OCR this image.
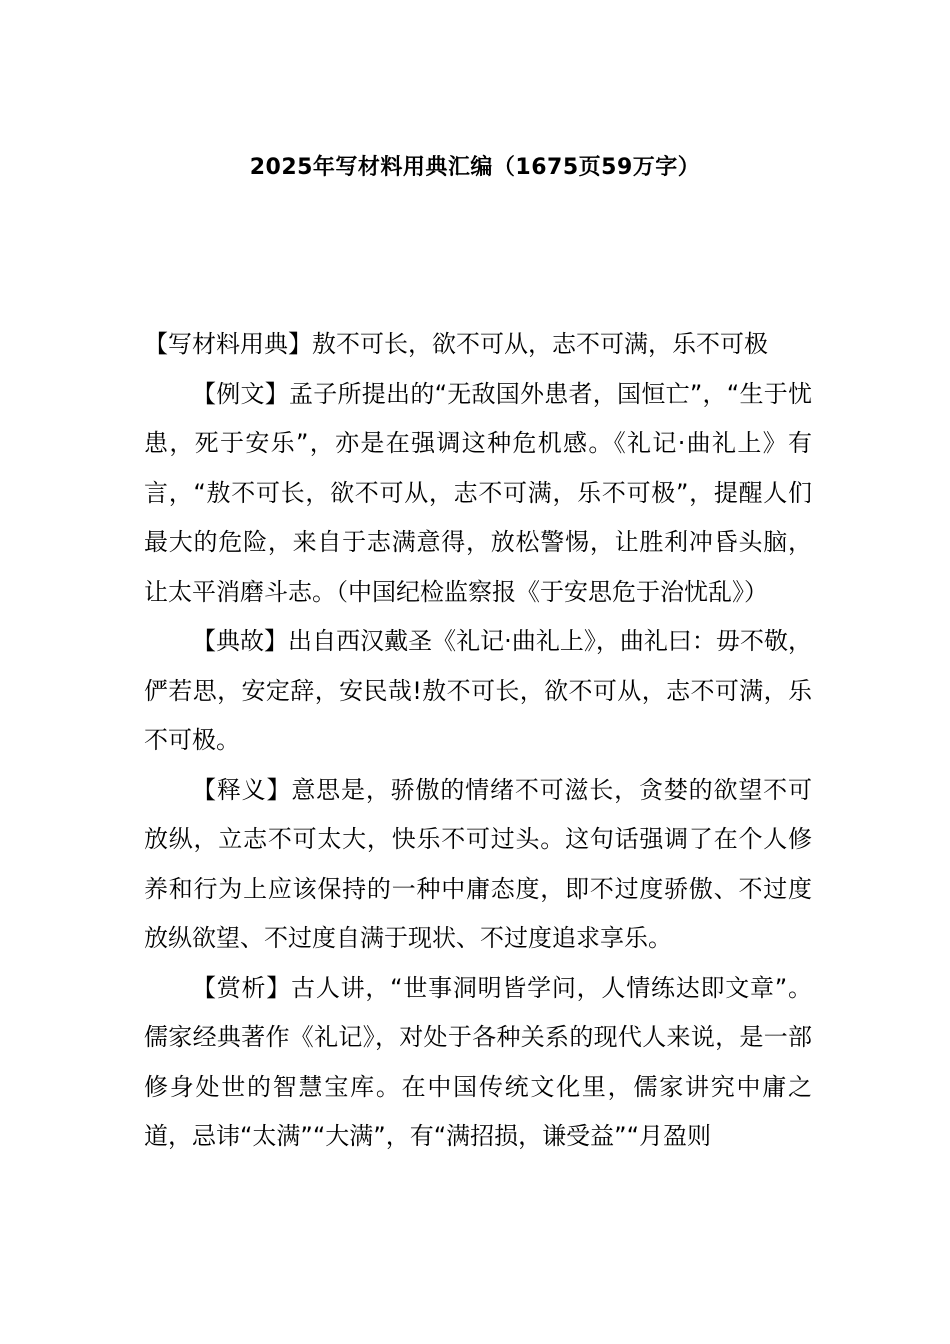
2025年写材料用典汇编（1675页59万字）

【写材料用典】敖不可长，欲不可从，志不可满，乐不可极

【例文】孟子所提出的“无敌国外患者，国恒亡”，“生于忧患，死于安乐”，亦是在强调这种危机感。《礼记·曲礼上》有言，“敖不可长，欲不可从，志不可满，乐不可极”，提醒人们最大的危险，来自于志满意得，放松警惕，让胜利冲昏头脑，让太平消磨斗志。（中国纪检监察报《于安思危于治忧乱》）

【典故】出自西汉戴圣《礼记·曲礼上》，曲礼曰：毋不敬，俨若思，安定辞，安民哉!敖不可长，欲不可从，志不可满，乐不可极。

【释义】意思是，骄傲的情绪不可滋长，贪婪的欲望不可放纵，立志不可太大，快乐不可过头。这句话强调了在个人修养和行为上应该保持的一种中庸态度，即不过度骄傲、不过度放纵欲望、不过度自满于现状、不过度追求享乐。

【赏析】古人讲，“世事洞明皆学问，人情练达即文章”。儒家经典著作《礼记》，对处于各种关系的现代人来说，是一部修身处世的智慧宝库。在中国传统文化里，儒家讲究中庸之道，忌讳“太满”“大满”，有“满招损，谦受益”“月盈则
